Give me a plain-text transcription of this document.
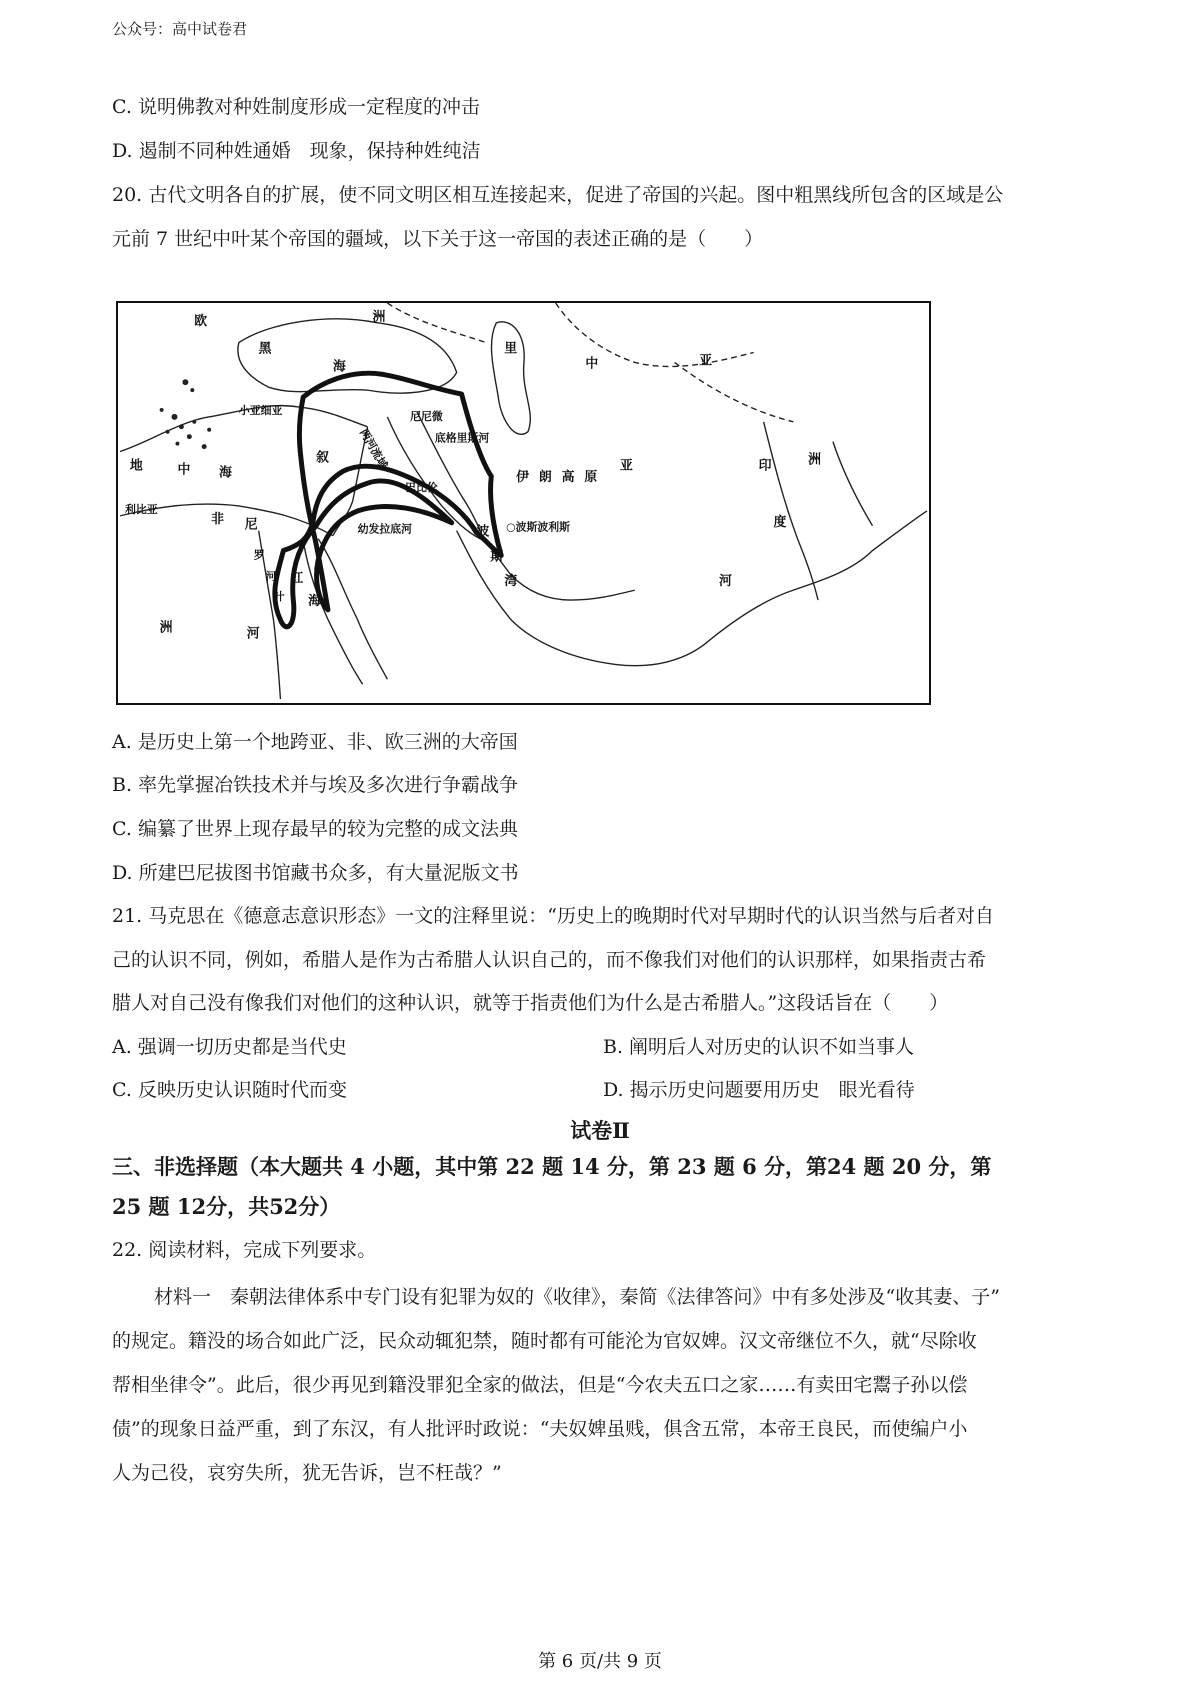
公众号：高中试卷君
C. 说明佛教对种姓制度形成一定程度的冲击
D. 遏制不同种姓通婚　现象，保持种姓纯洁
20. 古代文明各自的扩展，使不同文明区相互连接起来，促进了帝国的兴起。图中粗黑线所包含的区域是公
元前 7 世纪中叶某个帝国的疆域，以下关于这一帝国的表述正确的是（　　）
欧	洲
黑
海
里
中	亚
小亚细亚	尼尼微
底格里斯河
两河流域
地	中 海
叙
巴比伦
伊朗高原
亚	印	洲
利比亚
非 尼	幼发拉底河	○波斯波利斯
波
斯
湾
度
河
红
海
洲	河
罗
河
叶
A. 是历史上第一个地跨亚、非、欧三洲的大帝国
B. 率先掌握冶铁技术并与埃及多次进行争霸战争
C. 编纂了世界上现存最早的较为完整的成文法典
D. 所建巴尼拔图书馆藏书众多，有大量泥版文书
21. 马克思在《德意志意识形态》一文的注释里说：“历史上的晚期时代对早期时代的认识当然与后者对自
己的认识不同，例如，希腊人是作为古希腊人认识自己的，而不像我们对他们的认识那样，如果指责古希
腊人对自己没有像我们对他们的这种认识，就等于指责他们为什么是古希腊人。”这段话旨在（　　）
A. 强调一切历史都是当代史	B. 阐明后人对历史的认识不如当事人
C. 反映历史认识随时代而变	D. 揭示历史问题要用历史　眼光看待
试卷Ⅱ
三、非选择题（本大题共 4 小题，其中第 22 题 14 分，第 23 题 6 分，第24 题 20 分，第
25 题 12分，共52分）
22. 阅读材料，完成下列要求。
材料一　秦朝法律体系中专门设有犯罪为奴的《收律》，秦简《法律答问》中有多处涉及“收其妻、子”
的规定。籍没的场合如此广泛，民众动辄犯禁，随时都有可能沦为官奴婢。汉文帝继位不久，就“尽除收
帮相坐律令”。此后，很少再见到籍没罪犯全家的做法，但是“今农夫五口之家……有卖田宅鬻子孙以偿
债”的现象日益严重，到了东汉，有人批评时政说：“夫奴婢虽贱，俱含五常，本帝王良民，而使编户小
人为己役，哀穷失所，犹无告诉，岂不枉哉？”
第 6 页/共 9 页
